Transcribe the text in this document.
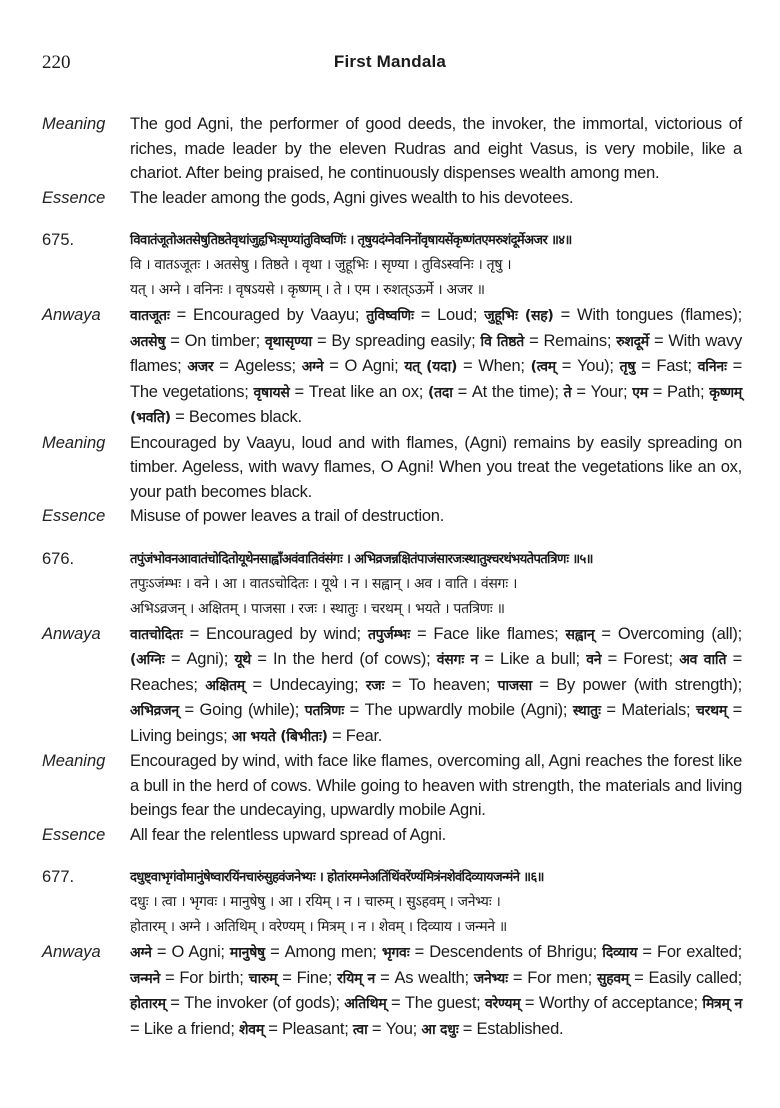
220	First Mandala
Meaning	The god Agni, the performer of good deeds, the invoker, the immortal, victorious of riches, made leader by the eleven Rudras and eight Vasus, is very mobile, like a chariot. After being praised, he continuously dispenses wealth among men.
Essence	The leader among the gods, Agni gives wealth to his devotees.
675.	विवातंजूतोअतसेषुतिष्ठतेवृथांजुहृभिःसृण्यांतुविष्वणिंः । तृषुयदंग्नेवनिनोंवृषायसेंकृष्णंतएमरुशंदूर्मेअजर ॥४॥
वि । वातऽजूतः । अतसेषु । तिष्ठते । वृथा । जुहूभिः । सृण्या । तुविऽस्वनिः । तृषु ।
यत् । अग्ने । वनिनः । वृषऽयसे । कृष्णम् । ते । एम । रुशत्ऽऊर्मे । अजर ॥
Anwaya	वातजूतः = Encouraged by Vaayu; तुविष्वणिः = Loud; जुहूभिः (सह) = With tongues (flames); अतसेषु = On timber; वृथासृण्या = By spreading easily; वि तिष्ठते = Remains; रुशदूर्मे = With wavy flames; अजर = Ageless; अग्ने = O Agni; यत् (यदा) = When; (त्वम् = You); तृषु = Fast; वनिनः = The vegetations; वृषायसे = Treat like an ox; (तदा = At the time); ते = Your; एम = Path; कृष्णम् (भवति) = Becomes black.
Meaning	Encouraged by Vaayu, loud and with flames, (Agni) remains by easily spreading on timber. Ageless, with wavy flames, O Agni! When you treat the vegetations like an ox, your path becomes black.
Essence	Misuse of power leaves a trail of destruction.
676.	तपुंजंभोवनआवातंचोदितोयूथेनसाह्वाँअवंवातिवंसंगः । अभिव्रजन्नक्षितंपाजंसारजःस्थातुश्चरथंभयतेपतत्रिणः ॥५॥
तपुःऽजंम्भः । वने । आ । वातऽचोदितः । यूथे । न । सह्वान् । अव । वाति । वंसगः ।
अभिऽव्रजन् । अक्षितम् । पाजसा । रजः । स्थातुः । चरथम् । भयते । पतत्रिणः ॥
Anwaya	वातचोदितः = Encouraged by wind; तपुर्जम्भः = Face like flames; सह्वान् = Overcoming (all); (अग्निः = Agni); यूथे = In the herd (of cows); वंसगः न = Like a bull; वने = Forest; अव वाति = Reaches; अक्षितम् = Undecaying; रजः = To heaven; पाजसा = By power (with strength); अभिव्रजन् = Going (while); पतत्रिणः = The upwardly mobile (Agni); स्थातुः = Materials; चरथम् = Living beings; आ भयते (बिभीतः) = Fear.
Meaning	Encouraged by wind, with face like flames, overcoming all, Agni reaches the forest like a bull in the herd of cows. While going to heaven with strength, the materials and living beings fear the undecaying, upwardly mobile Agni.
Essence	All fear the relentless upward spread of Agni.
677.	दधुष्ट्वाभृगंवोमानुंषेष्वारयिंनचारुंसुहवंजनेभ्यः । होतांरमग्नेअतिंथिंवरेंण्यंमित्रंनशेवंदिव्यायजन्मंने ॥६॥
दधुः । त्वा । भृगवः । मानुषेषु । आ । रयिम् । न । चारुम् । सुऽहवम् । जनेभ्यः ।
होतारम् । अग्ने । अतिथिम् । वरेण्यम् । मित्रम् । न । शेवम् । दिव्याय । जन्मने ॥
Anwaya	अग्ने = O Agni; मानुषेषु = Among men; भृगवः = Descendents of Bhrigu; दिव्याय = For exalted; जन्मने = For birth; चारुम् = Fine; रयिम् न = As wealth; जनेभ्यः = For men; सुहवम् = Easily called; होतारम् = The invoker (of gods); अतिथिम् = The guest; वरेण्यम् = Worthy of acceptance; मित्रम् न = Like a friend; शेवम् = Pleasant; त्वा = You; आ दधुः = Established.
